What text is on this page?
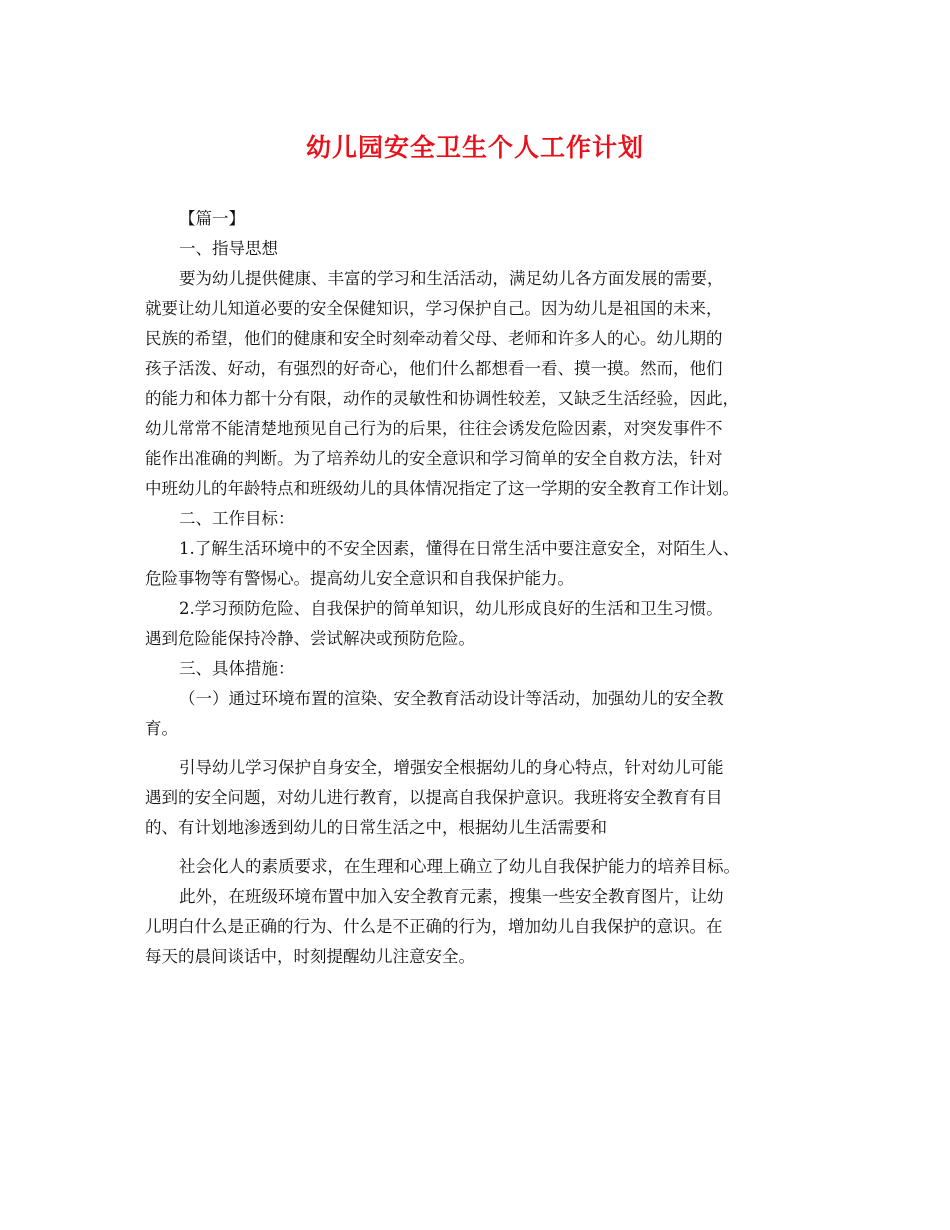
幼儿园安全卫生个人工作计划
【篇一】
一、指导思想
要为幼儿提供健康、丰富的学习和生活活动，满足幼儿各方面发展的需要，
就要让幼儿知道必要的安全保健知识，学习保护自己。因为幼儿是祖国的未来，
民族的希望，他们的健康和安全时刻牵动着父母、老师和许多人的心。幼儿期的
孩子活泼、好动，有强烈的好奇心，他们什么都想看一看、摸一摸。然而，他们
的能力和体力都十分有限，动作的灵敏性和协调性较差，又缺乏生活经验，因此，
幼儿常常不能清楚地预见自己行为的后果，往往会诱发危险因素，对突发事件不
能作出准确的判断。为了培养幼儿的安全意识和学习简单的安全自救方法，针对
中班幼儿的年龄特点和班级幼儿的具体情况指定了这一学期的安全教育工作计划。
二、工作目标：
1.了解生活环境中的不安全因素，懂得在日常生活中要注意安全，对陌生人、
危险事物等有警惕心。提高幼儿安全意识和自我保护能力。
2.学习预防危险、自我保护的简单知识，幼儿形成良好的生活和卫生习惯。
遇到危险能保持冷静、尝试解决或预防危险。
三、具体措施：
（一）通过环境布置的渲染、安全教育活动设计等活动，加强幼儿的安全教
育。
引导幼儿学习保护自身安全，增强安全根据幼儿的身心特点，针对幼儿可能
遇到的安全问题，对幼儿进行教育，以提高自我保护意识。我班将安全教育有目
的、有计划地渗透到幼儿的日常生活之中，根据幼儿生活需要和
社会化人的素质要求，在生理和心理上确立了幼儿自我保护能力的培养目标。
此外，在班级环境布置中加入安全教育元素，搜集一些安全教育图片，让幼
儿明白什么是正确的行为、什么是不正确的行为，增加幼儿自我保护的意识。在
每天的晨间谈话中，时刻提醒幼儿注意安全。
